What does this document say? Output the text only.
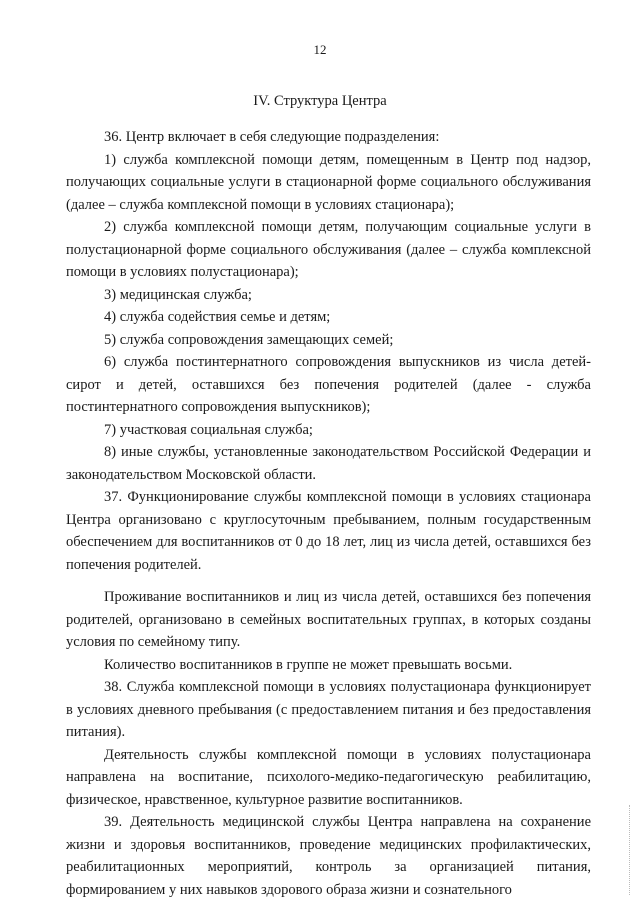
12
IV. Структура Центра

36. Центр включает в себя следующие подразделения:

1) служба комплексной помощи детям, помещенным в Центр под надзор, получающих социальные услуги в стационарной форме социального обслуживания (далее – служба комплексной помощи в условиях стационара);

2) служба комплексной помощи детям, получающим социальные услуги в полустационарной форме социального обслуживания (далее – служба комплексной помощи в условиях полустационара);

3) медицинская служба;

4) служба содействия семье и детям;

5) служба сопровождения замещающих семей;

6) служба постинтернатного сопровождения выпускников из числа детей-сирот и детей, оставшихся без попечения родителей (далее - служба постинтернатного сопровождения выпускников);

7) участковая социальная служба;

8) иные службы, установленные законодательством Российской Федерации и законодательством Московской области.

37. Функционирование службы комплексной помощи в условиях стационара Центра организовано с круглосуточным пребыванием, полным государственным обеспечением для воспитанников от 0 до 18 лет, лиц из числа детей, оставшихся без попечения родителей.

Проживание воспитанников и лиц из числа детей, оставшихся без попечения родителей, организовано в семейных воспитательных группах, в которых созданы условия по семейному типу.

Количество воспитанников в группе не может превышать восьми.

38. Служба комплексной помощи в условиях полустационара функционирует в условиях дневного пребывания (с предоставлением питания и без предоставления питания).

Деятельность службы комплексной помощи в условиях полустационара направлена на воспитание, психолого-медико-педагогическую реабилитацию, физическое, нравственное, культурное развитие воспитанников.

39. Деятельность медицинской службы Центра направлена на сохранение жизни и здоровья воспитанников, проведение медицинских профилактических, реабилитационных мероприятий, контроль за организацией питания, формированием у них навыков здорового образа жизни и сознательного
